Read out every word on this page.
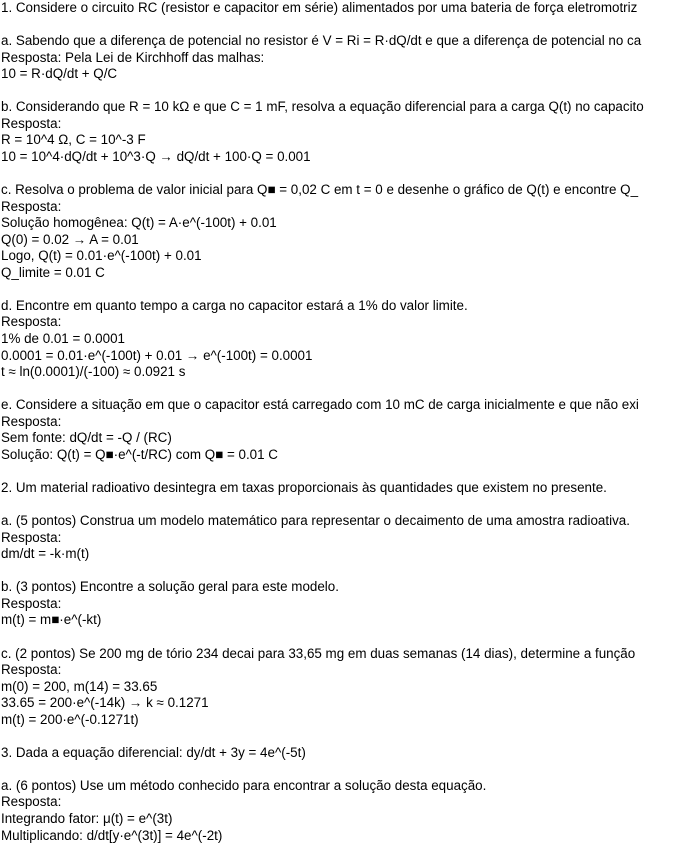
1. Considere o circuito RC (resistor e capacitor em série) alimentados por uma bateria de força eletromotriz
a. Sabendo que a diferença de potencial no resistor é V = Ri = R·dQ/dt e que a diferença de potencial no ca
Resposta: Pela Lei de Kirchhoff das malhas:
10 = R·dQ/dt + Q/C
b. Considerando que R = 10 kΩ e que C = 1 mF, resolva a equação diferencial para a carga Q(t) no capacito
Resposta:
R = 10^4 Ω, C = 10^-3 F
10 = 10^4·dQ/dt + 10^3·Q → dQ/dt + 100·Q = 0.001
c. Resolva o problema de valor inicial para Q■ = 0,02 C em t = 0 e desenhe o gráfico de Q(t) e encontre Q_
Resposta:
Solução homogênea: Q(t) = A·e^(-100t) + 0.01
Q(0) = 0.02 → A = 0.01
Logo, Q(t) = 0.01·e^(-100t) + 0.01
Q_limite = 0.01 C
d. Encontre em quanto tempo a carga no capacitor estará a 1% do valor limite.
Resposta:
1% de 0.01 = 0.0001
0.0001 = 0.01·e^(-100t) + 0.01 → e^(-100t) = 0.0001
t ≈ ln(0.0001)/(-100) ≈ 0.0921 s
e. Considere a situação em que o capacitor está carregado com 10 mC de carga inicialmente e que não exi
Resposta:
Sem fonte: dQ/dt = -Q / (RC)
Solução: Q(t) = Q■·e^(-t/RC) com Q■ = 0.01 C
2. Um material radioativo desintegra em taxas proporcionais às quantidades que existem no presente.
a. (5 pontos) Construa um modelo matemático para representar o decaimento de uma amostra radioativa.
Resposta:
dm/dt = -k·m(t)
b. (3 pontos) Encontre a solução geral para este modelo.
Resposta:
m(t) = m■·e^(-kt)
c. (2 pontos) Se 200 mg de tório 234 decai para 33,65 mg em duas semanas (14 dias), determine a função
Resposta:
m(0) = 200, m(14) = 33.65
33.65 = 200·e^(-14k) → k ≈ 0.1271
m(t) = 200·e^(-0.1271t)
3. Dada a equação diferencial: dy/dt + 3y = 4e^(-5t)
a. (6 pontos) Use um método conhecido para encontrar a solução desta equação.
Resposta:
Integrando fator: μ(t) = e^(3t)
Multiplicando: d/dt[y·e^(3t)] = 4e^(-2t)
